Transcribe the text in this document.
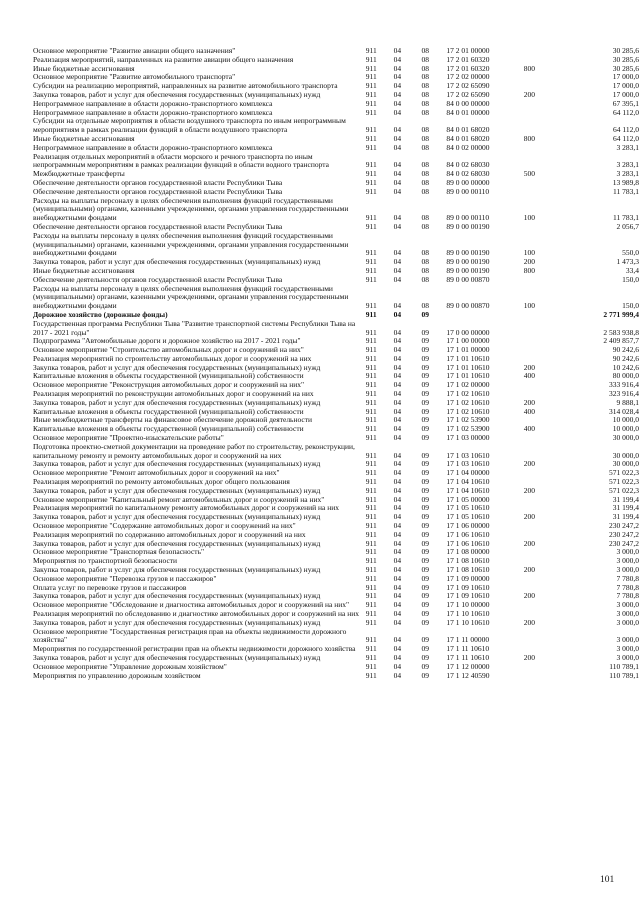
Основное мероприятие "Развитие авиации общего назначения"	911	04	08	17 2 01 00000	30 285,6
Реализация мероприятий, направленных на развитие авиации общего назначения	911	04	08	17 2 01 60320	30 285,6
Иные бюджетные ассигнования	911	04	08	17 2 01 60320	800	30 285,6
Основное мероприятие "Развитие автомобильного транспорта"	911	04	08	17 2 02 00000	17 000,0
Субсидии на реализацию мероприятий, направленных на развитие автомобильного транспорта	911	04	08	17 2 02 65090	17 000,0
Закупка товаров, работ и услуг для обеспечения государственных (муниципальных) нужд	911	04	08	17 2 02 65090	200	17 000,0
Непрограммное направление в области дорожно-транспортного комплекса	911	04	08	84 0 00 00000	67 395,1
Непрограммное направление в области дорожно-транспортного комплекса	911	04	08	84 0 01 00000	64 112,0
Субсидии на отдельные мероприятия в области воздушного транспорта по иным непрограммным мероприятиям в рамках реализации функций в области воздушного транспорта	911	04	08	84 0 01 68020	64 112,0
Иные бюджетные ассигнования	911	04	08	84 0 01 68020	800	64 112,0
Непрограммное направление в области дорожно-транспортного комплекса	911	04	08	84 0 02 00000	3 283,1
Реализация отдельных мероприятий в области морского и речного транспорта по иным непрограммным мероприятиям в рамках реализации функций в области водного транспорта	911	04	08	84 0 02 68030	3 283,1
Межбюджетные трансферты	911	04	08	84 0 02 68030	500	3 283,1
Обеспечение деятельности органов государственной власти Республики Тыва	911	04	08	89 0 00 00000	13 989,8
Обеспечение деятельности органов государственной власти Республики Тыва	911	04	08	89 0 00 00110	11 783,1
Расходы на выплаты персоналу в целях обеспечения выполнения функций государственными (муниципальными) органами, казенными учреждениями, органами управления государственными внебюджетными фондами	911	04	08	89 0 00 00110	100	11 783,1
Обеспечение деятельности органов государственной власти Республики Тыва	911	04	08	89 0 00 00190	2 056,7
Расходы на выплаты персоналу в целях обеспечения выполнения функций государственными (муниципальными) органами, казенными учреждениями, органами управления государственными внебюджетными фондами	911	04	08	89 0 00 00190	100	550,0
Закупка товаров, работ и услуг для обеспечения государственных (муниципальных) нужд	911	04	08	89 0 00 00190	200	1 473,3
Иные бюджетные ассигнования	911	04	08	89 0 00 00190	800	33,4
Обеспечение деятельности органов государственной власти Республики Тыва	911	04	08	89 0 00 00870	150,0
Расходы на выплаты персоналу в целях обеспечения выполнения функций государственными (муниципальными) органами, казенными учреждениями, органами управления государственными внебюджетными фондами	911	04	08	89 0 00 00870	100	150,0
Дорожное хозяйство (дорожные фонды)	911	04	09	2 771 999,4
Государственная программа Республики Тыва "Развитие транспортной системы Республики Тыва на 2017 - 2021 годы"	911	04	09	17 0 00 00000	2 583 938,8
Подпрограмма "Автомобильные дороги и дорожное хозяйство на 2017 - 2021 годы"	911	04	09	17 1 00 00000	2 409 857,7
Основное мероприятие "Строительство автомобильных дорог и сооружений на них"	911	04	09	17 1 01 00000	90 242,6
Реализация мероприятий по строительству автомобильных дорог и сооружений на них	911	04	09	17 1 01 10610	90 242,6
Закупка товаров, работ и услуг для обеспечения государственных (муниципальных) нужд	911	04	09	17 1 01 10610	200	10 242,6
Капитальные вложения в объекты государственной (муниципальной) собственности	911	04	09	17 1 01 10610	400	80 000,0
Основное мероприятие "Реконструкция автомобильных дорог и сооружений на них"	911	04	09	17 1 02 00000	333 916,4
Реализация мероприятий по реконструкции автомобильных дорог и сооружений на них	911	04	09	17 1 02 10610	323 916,4
Закупка товаров, работ и услуг для обеспечения государственных (муниципальных) нужд	911	04	09	17 1 02 10610	200	9 888,1
Капитальные вложения в объекты государственной (муниципальной) собственности	911	04	09	17 1 02 10610	400	314 028,4
Иные межбюджетные трансферты на финансовое обеспечение дорожной деятельности	911	04	09	17 1 02 53900	10 000,0
Капитальные вложения в объекты государственной (муниципальной) собственности	911	04	09	17 1 02 53900	400	10 000,0
Основное мероприятие "Проектно-изыскательские работы"	911	04	09	17 1 03 00000	30 000,0
Подготовка проектно-сметной документации на проведение работ по строительству, реконструкции, капитальному ремонту и ремонту автомобильных дорог и сооружений на них	911	04	09	17 1 03 10610	30 000,0
Закупка товаров, работ и услуг для обеспечения государственных (муниципальных) нужд	911	04	09	17 1 03 10610	200	30 000,0
Основное мероприятие "Ремонт автомобильных дорог и сооружений на них"	911	04	09	17 1 04 00000	571 022,3
Реализация мероприятий по ремонту автомобильных дорог общего пользования	911	04	09	17 1 04 10610	571 022,3
Закупка товаров, работ и услуг для обеспечения государственных (муниципальных) нужд	911	04	09	17 1 04 10610	200	571 022,3
Основное мероприятие "Капитальный ремонт автомобильных дорог и сооружений на них"	911	04	09	17 1 05 00000	31 199,4
Реализация мероприятий по капитальному ремонту автомобильных дорог и сооружений на них	911	04	09	17 1 05 10610	31 199,4
Закупка товаров, работ и услуг для обеспечения государственных (муниципальных) нужд	911	04	09	17 1 05 10610	200	31 199,4
Основное мероприятие "Содержание автомобильных дорог и сооружений на них"	911	04	09	17 1 06 00000	230 247,2
Реализация мероприятий по содержанию автомобильных дорог и сооружений на них	911	04	09	17 1 06 10610	230 247,2
Закупка товаров, работ и услуг для обеспечения государственных (муниципальных) нужд	911	04	09	17 1 06 10610	200	230 247,2
Основное мероприятие "Транспортная безопасность"	911	04	09	17 1 08 00000	3 000,0
Мероприятия по транспортной безопасности	911	04	09	17 1 08 10610	3 000,0
Закупка товаров, работ и услуг для обеспечения государственных (муниципальных) нужд	911	04	09	17 1 08 10610	200	3 000,0
Основное мероприятие "Перевозка грузов и пассажиров"	911	04	09	17 1 09 00000	7 780,8
Оплата услуг по перевозке грузов и пассажиров	911	04	09	17 1 09 10610	7 780,8
Закупка товаров, работ и услуг для обеспечения государственных (муниципальных) нужд	911	04	09	17 1 09 10610	200	7 780,8
Основное мероприятие "Обследование и диагностика автомобильных дорог и сооружений на них"	911	04	09	17 1 10 00000	3 000,0
Реализация мероприятий по обследованию и диагностике автомобильных дорог и сооружений на них 911	04	09	17 1 10 10610	3 000,0
Закупка товаров, работ и услуг для обеспечения государственных (муниципальных) нужд	911	04	09	17 1 10 10610	200	3 000,0
Основное мероприятие "Государственная регистрация прав на объекты недвижимости дорожного хозяйства"	911	04	09	17 1 11 00000	3 000,0
Мероприятия по государственной регистрации прав на объекты недвижимости дорожного хозяйства	911	04	09	17 1 11 10610	3 000,0
Закупка товаров, работ и услуг для обеспечения государственных (муниципальных) нужд	911	04	09	17 1 11 10610	200	3 000,0
Основное мероприятие "Управление дорожным хозяйством"	911	04	09	17 1 12 00000	110 789,1
Мероприятия по управлению дорожным хозяйством	911	04	09	17 1 12 40590	110 789,1
101
